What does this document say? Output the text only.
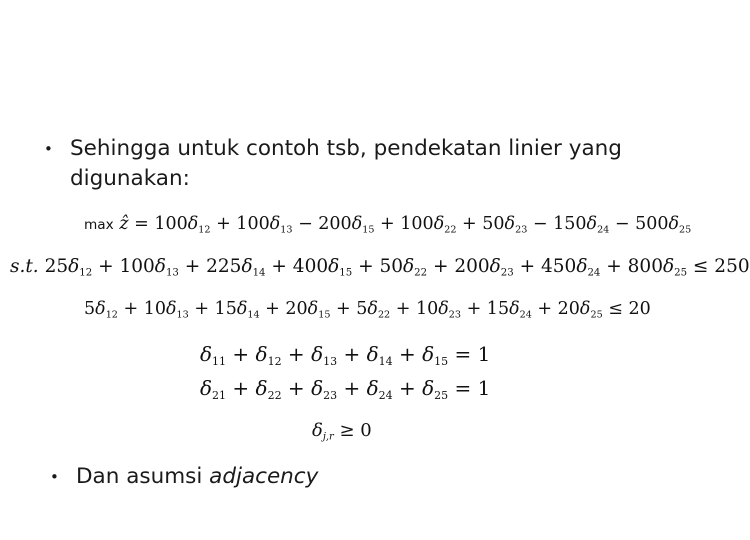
• Sehingga untuk contoh tsb, pendekatan linier yang digunakan:
max ẑ = $100\delta_{12} + 100\delta_{13} - 200\delta_{15} + 100\delta_{22} + 50\delta_{23} - 150\delta_{24} - 500\delta_{25}$
s.t. $25\delta_{12} + 100\delta_{13} + 225\delta_{14} + 400\delta_{15} + 50\delta_{22} + 200\delta_{23} + 450\delta_{24} + 800\delta_{25} \le 250$
$5\delta_{12} + 10\delta_{13} + 15\delta_{14} + 20\delta_{15} + 5\delta_{22} + 10\delta_{23} + 15\delta_{24} + 20\delta_{25} \le 20$
$\delta_{11} + \delta_{12} + \delta_{13} + \delta_{14} + \delta_{15} = 1$
$\delta_{21} + \delta_{22} + \delta_{23} + \delta_{24} + \delta_{25} = 1$
$\delta_{j,r} \ge 0$
• Dan asumsi adjacency
